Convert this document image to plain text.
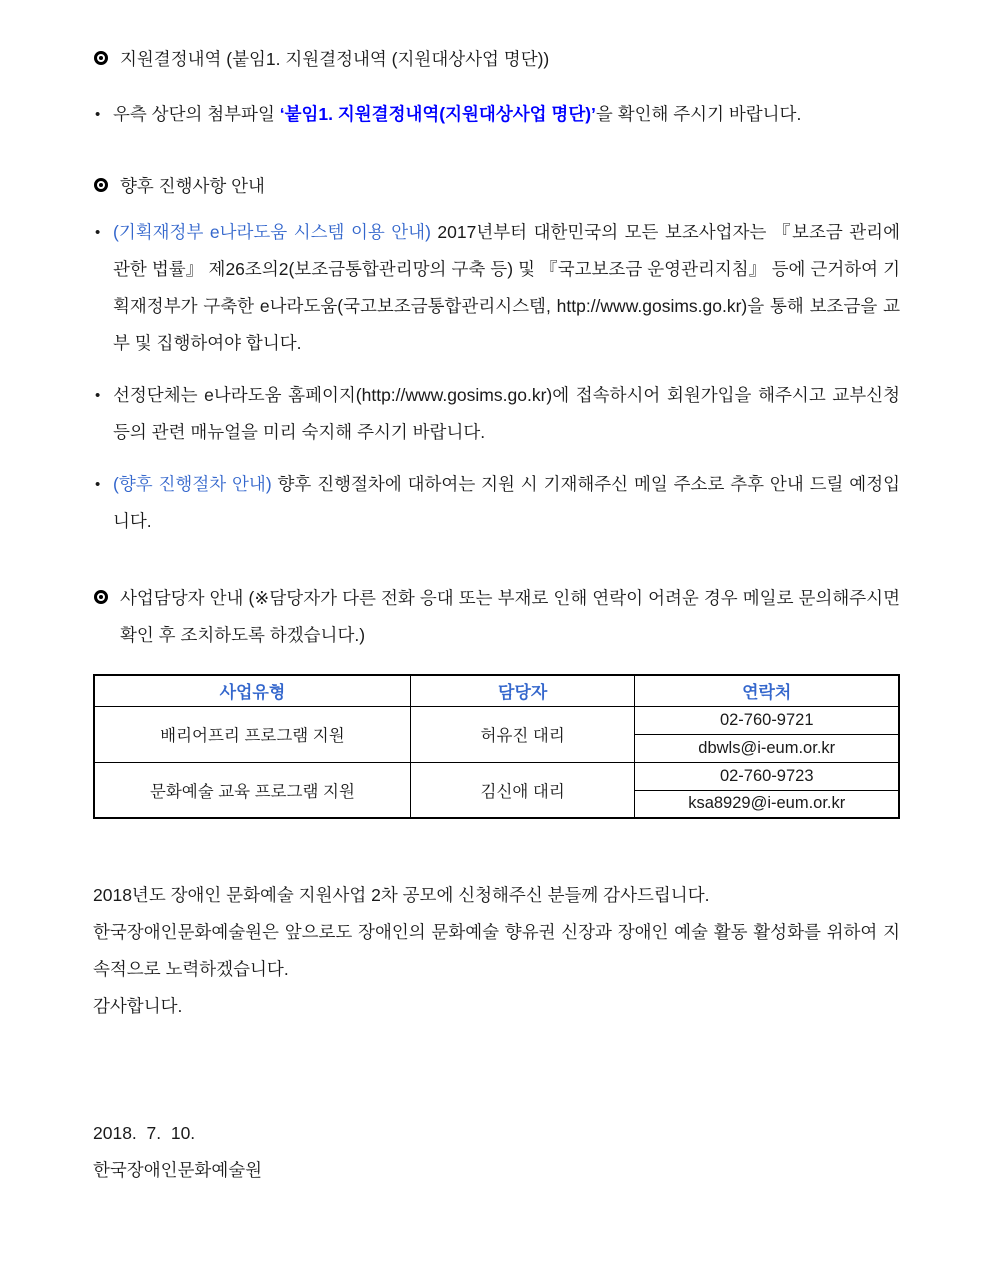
지원결정내역 (붙임1. 지원결정내역 (지원대상사업 명단))
• 우측 상단의 첨부파일 ‘붙임1. 지원결정내역(지원대상사업 명단)’을 확인해 주시기 바랍니다.
향후 진행사항 안내
• (기획재정부 e나라도움 시스템 이용 안내) 2017년부터 대한민국의 모든 보조사업자는 『보조금 관리에 관한 법률』 제26조의2(보조금통합관리망의 구축 등) 및 『국고보조금 운영관리지침』 등에 근거하여 기획재정부가 구축한 e나라도움(국고보조금통합관리시스템, http://www.gosims.go.kr)을 통해 보조금을 교부 및 집행하여야 합니다.
• 선정단체는 e나라도움 홈페이지(http://www.gosims.go.kr)에 접속하시어 회원가입을 해주시고 교부신청 등의 관련 매뉴얼을 미리 숙지해 주시기 바랍니다.
• (향후 진행절차 안내) 향후 진행절차에 대하여는 지원 시 기재해주신 메일 주소로 추후 안내 드릴 예정입니다.
사업담당자 안내 (※담당자가 다른 전화 응대 또는 부재로 인해 연락이 어려운 경우 메일로 문의해주시면 확인 후 조치하도록 하겠습니다.)
사업유형	담당자	연락처
배리어프리 프로그램 지원	허유진 대리	02-760-9721
		dbwls@i-eum.or.kr
문화예술 교육 프로그램 지원	김신애 대리	02-760-9723
		ksa8929@i-eum.or.kr

2018년도 장애인 문화예술 지원사업 2차 공모에 신청해주신 분들께 감사드립니다.

한국장애인문화예술원은 앞으로도 장애인의 문화예술 향유권 신장과 장애인 예술 활동 활성화를 위하여 지속적으로 노력하겠습니다.

감사합니다.

2018.  7.  10.

한국장애인문화예술원
